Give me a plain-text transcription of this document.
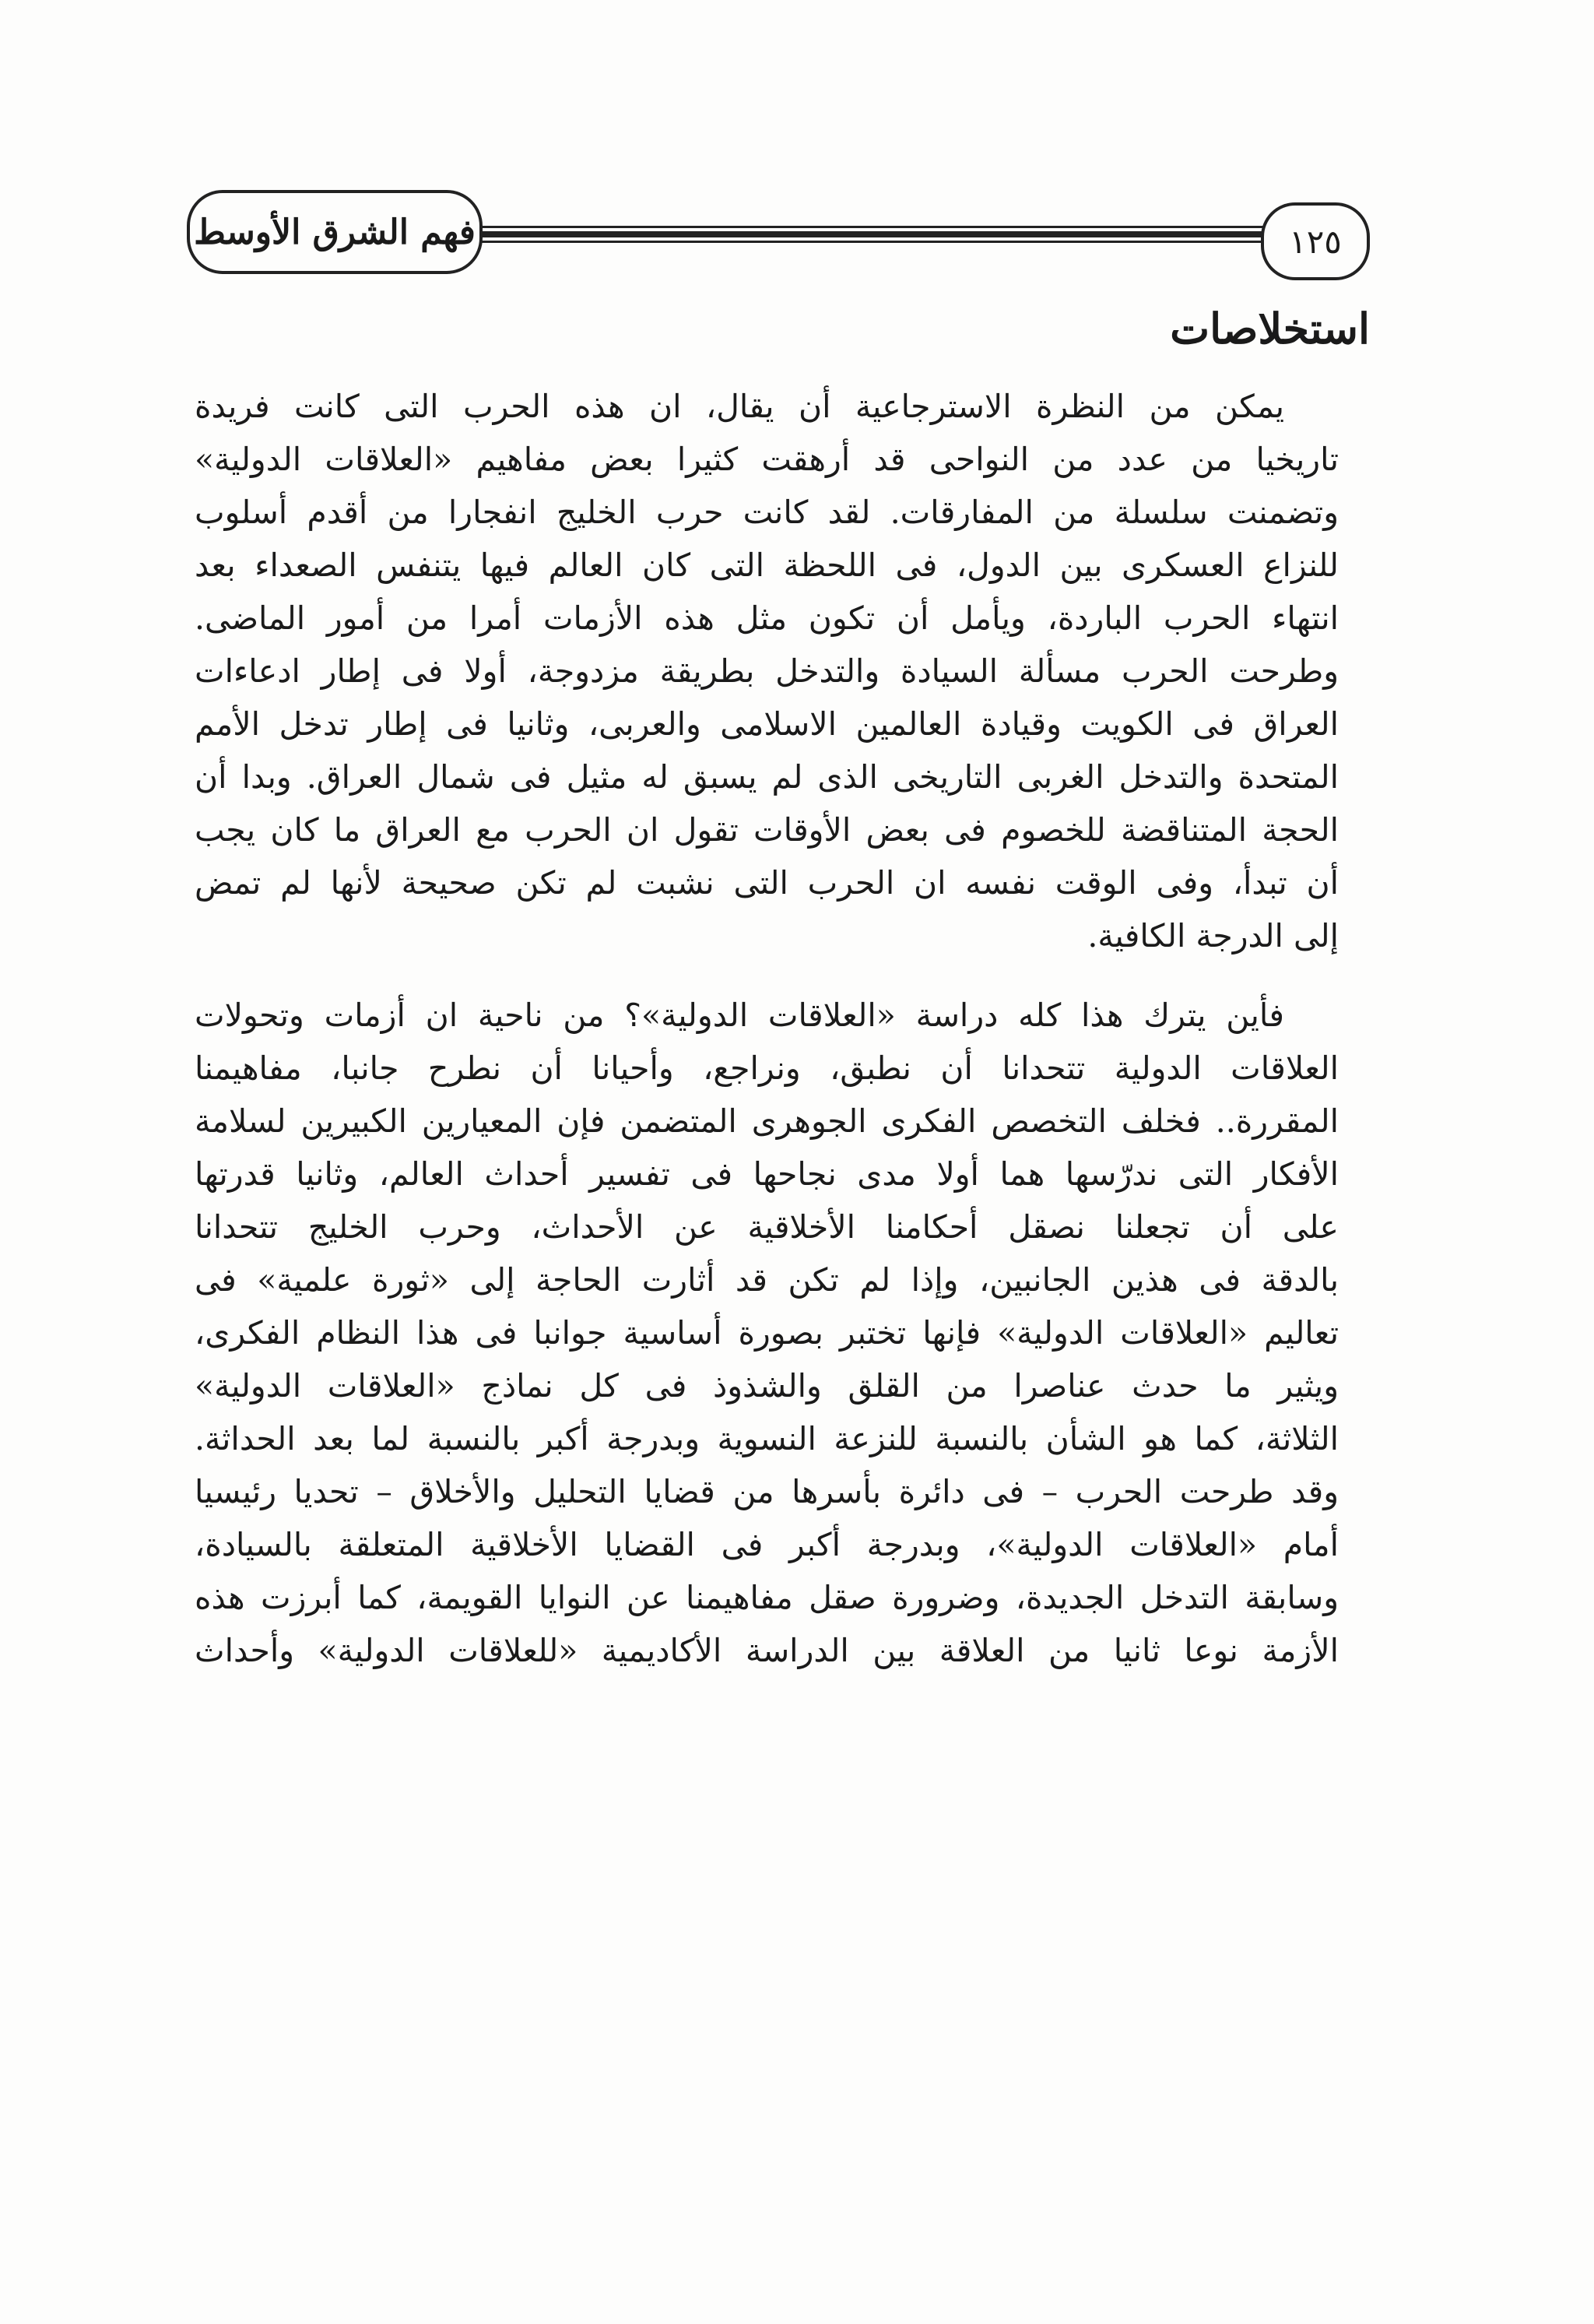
فهم الشرق الأوسط	١٢٥
استخلاصات
يمكن من النظرة الاسترجاعية أن يقال، ان هذه الحرب التى كانت فريدة
تاريخيا من عدد من النواحى قد أرهقت كثيرا بعض مفاهيم «العلاقات الدولية»
وتضمنت سلسلة من المفارقات. لقد كانت حرب الخليج انفجارا من أقدم أسلوب
للنزاع العسكرى بين الدول، فى اللحظة التى كان العالم فيها يتنفس الصعداء بعد
انتهاء الحرب الباردة، ويأمل أن تكون مثل هذه الأزمات أمرا من أمور الماضى.
وطرحت الحرب مسألة السيادة والتدخل بطريقة مزدوجة، أولا فى إطار ادعاءات
العراق فى الكويت وقيادة العالمين الاسلامى والعربى، وثانيا فى إطار تدخل الأمم
المتحدة والتدخل الغربى التاريخى الذى لم يسبق له مثيل فى شمال العراق. وبدا أن
الحجة المتناقضة للخصوم فى بعض الأوقات تقول ان الحرب مع العراق ما كان يجب
أن تبدأ، وفى الوقت نفسه ان الحرب التى نشبت لم تكن صحيحة لأنها لم تمض
إلى الدرجة الكافية.
فأين يترك هذا كله دراسة «العلاقات الدولية»؟ من ناحية ان أزمات وتحولات
العلاقات الدولية تتحدانا أن نطبق، ونراجع، وأحيانا أن نطرح جانبا، مفاهيمنا
المقررة.. فخلف التخصص الفكرى الجوهرى المتضمن فإن المعيارين الكبيرين لسلامة
الأفكار التى ندرّسها هما أولا مدى نجاحها فى تفسير أحداث العالم، وثانيا قدرتها
على أن تجعلنا نصقل أحكامنا الأخلاقية عن الأحداث، وحرب الخليج تتحدانا
بالدقة فى هذين الجانبين، وإذا لم تكن قد أثارت الحاجة إلى «ثورة علمية» فى
تعاليم «العلاقات الدولية» فإنها تختبر بصورة أساسية جوانبا فى هذا النظام الفكرى،
ويثير ما حدث عناصرا من القلق والشذوذ فى كل نماذج «العلاقات الدولية»
الثلاثة، كما هو الشأن بالنسبة للنزعة النسوية وبدرجة أكبر بالنسبة لما بعد الحداثة.
وقد طرحت الحرب – فى دائرة بأسرها من قضايا التحليل والأخلاق – تحديا رئيسيا
أمام «العلاقات الدولية»، وبدرجة أكبر فى القضايا الأخلاقية المتعلقة بالسيادة،
وسابقة التدخل الجديدة، وضرورة صقل مفاهيمنا عن النوايا القويمة، كما أبرزت هذه
الأزمة نوعا ثانيا من العلاقة بين الدراسة الأكاديمية «للعلاقات الدولية» وأحداث
